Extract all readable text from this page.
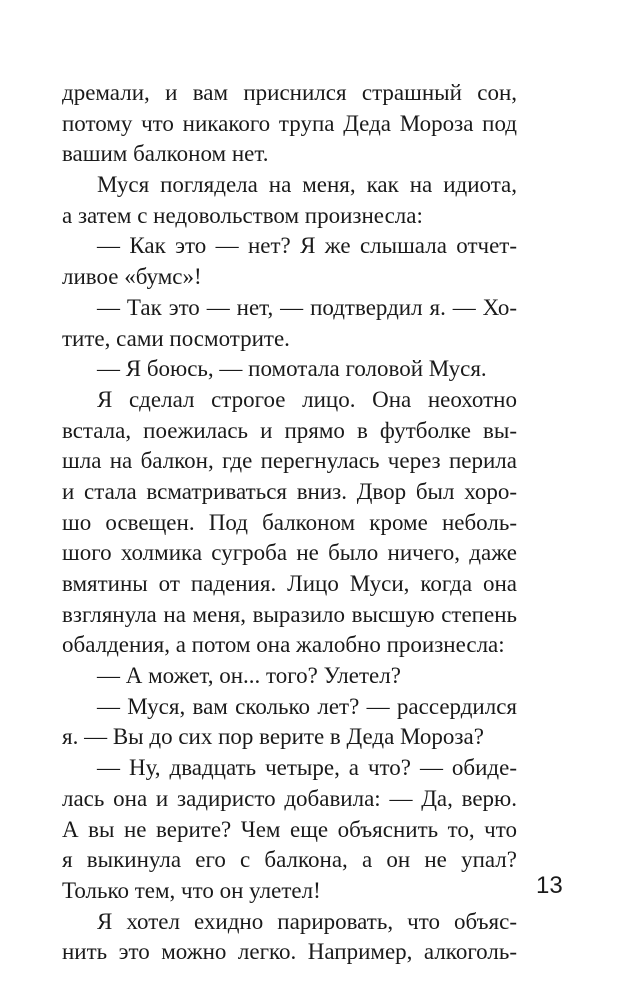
дремали, и вам приснился страшный сон,
потому что никакого трупа Деда Мороза под
вашим балконом нет.
Муся поглядела на меня, как на идиота,
а затем с недовольством произнесла:
— Как это — нет? Я же слышала отчет-
ливое «бумс»!
— Так это — нет, — подтвердил я. — Хо-
тите, сами посмотрите.
— Я боюсь, — помотала головой Муся.
Я сделал строгое лицо. Она неохотно
встала, поежилась и прямо в футболке вы-
шла на балкон, где перегнулась через перила
и стала всматриваться вниз. Двор был хоро-
шо освещен. Под балконом кроме неболь-
шого холмика сугроба не было ничего, даже
вмятины от падения. Лицо Муси, когда она
взглянула на меня, выразило высшую степень
обалдения, а потом она жалобно произнесла:
— А может, он... того? Улетел?
— Муся, вам сколько лет? — рассердился
я. — Вы до сих пор верите в Деда Мороза?
— Ну, двадцать четыре, а что? — обиде-
лась она и задиристо добавила: — Да, верю.
А вы не верите? Чем еще объяснить то, что
я выкинула его с балкона, а он не упал?
Только тем, что он улетел!
Я хотел ехидно парировать, что объяс-
нить это можно легко. Например, алкоголь-
13
